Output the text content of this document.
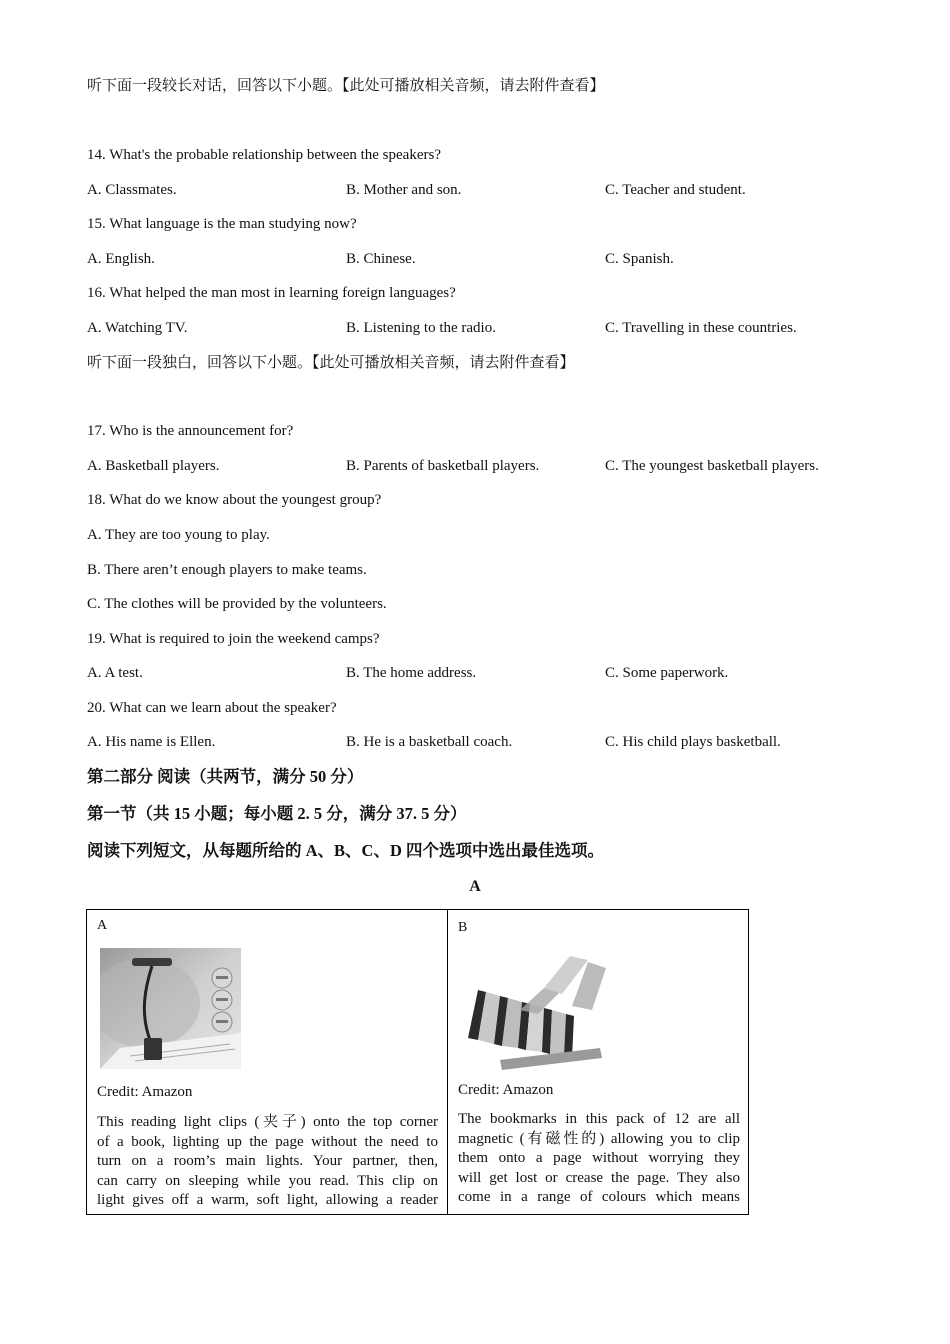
听下面一段较长对话，回答以下小题。【此处可播放相关音频，请去附件查看】
14. What's the probable relationship between the speakers?
A. Classmates.	B. Mother and son.	C. Teacher and student.
15. What language is the man studying now?
A. English.	B. Chinese.	C. Spanish.
16. What helped the man most in learning foreign languages?
A. Watching TV.	B. Listening to the radio.	C. Travelling in these countries.
听下面一段独白，回答以下小题。【此处可播放相关音频，请去附件查看】
17. Who is the announcement for?
A. Basketball players.	B. Parents of basketball players.	C. The youngest basketball players.
18. What do we know about the youngest group?
A. They are too young to play.
B. There aren’t enough players to make teams.
C. The clothes will be provided by the volunteers.
19. What is required to join the weekend camps?
A. A test.	B. The home address.	C. Some paperwork.
20. What can we learn about the speaker?
A. His name is Ellen.	B. He is a basketball coach.	C. His child plays basketball.
第二部分 阅读（共两节，满分 50 分）
第一节（共 15 小题；每小题 2. 5 分，满分 37. 5 分）
阅读下列短文，从每题所给的 A、B、C、D 四个选项中选出最佳选项。
A
A
Credit: Amazon
This reading light clips (夹子) onto the top corner
of a book, lighting up the page without the need to
turn on a room’s main lights. Your partner, then,
can carry on sleeping while you read. This clip on
light gives off a warm, soft light, allowing a reader

B
Credit: Amazon
The bookmarks in this pack of 12 are all
magnetic (有磁性的) allowing you to clip
them onto a page without worrying they
will get lost or crease the page. They also
come in a range of colours which means
